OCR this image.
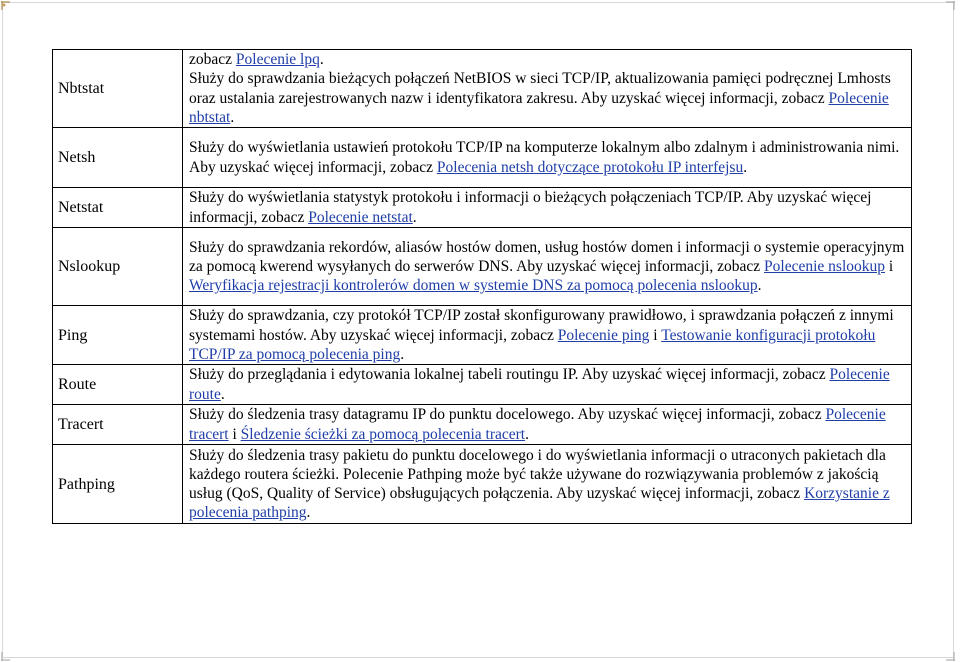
Nbtstat	zobacz Polecenie lpq.
Służy do sprawdzania bieżących połączeń NetBIOS w sieci TCP/IP, aktualizowania pamięci podręcznej Lmhosts oraz ustalania zarejestrowanych nazw i identyfikatora zakresu. Aby uzyskać więcej informacji, zobacz Polecenie nbtstat.
Netsh	Służy do wyświetlania ustawień protokołu TCP/IP na komputerze lokalnym albo zdalnym i administrowania nimi. Aby uzyskać więcej informacji, zobacz Polecenia netsh dotyczące protokołu IP interfejsu.
Netstat	Służy do wyświetlania statystyk protokołu i informacji o bieżących połączeniach TCP/IP. Aby uzyskać więcej informacji, zobacz Polecenie netstat.
Nslookup	Służy do sprawdzania rekordów, aliasów hostów domen, usług hostów domen i informacji o systemie operacyjnym za pomocą kwerend wysyłanych do serwerów DNS. Aby uzyskać więcej informacji, zobacz Polecenie nslookup i Weryfikacja rejestracji kontrolerów domen w systemie DNS za pomocą polecenia nslookup.
Ping	Służy do sprawdzania, czy protokół TCP/IP został skonfigurowany prawidłowo, i sprawdzania połączeń z innymi systemami hostów. Aby uzyskać więcej informacji, zobacz Polecenie ping i Testowanie konfiguracji protokołu TCP/IP za pomocą polecenia ping.
Route	Służy do przeglądania i edytowania lokalnej tabeli routingu IP. Aby uzyskać więcej informacji, zobacz Polecenie route.
Tracert	Służy do śledzenia trasy datagramu IP do punktu docelowego. Aby uzyskać więcej informacji, zobacz Polecenie tracert i Śledzenie ścieżki za pomocą polecenia tracert.
Pathping	Służy do śledzenia trasy pakietu do punktu docelowego i do wyświetlania informacji o utraconych pakietach dla każdego routera ścieżki. Polecenie Pathping może być także używane do rozwiązywania problemów z jakością usług (QoS, Quality of Service) obsługujących połączenia. Aby uzyskać więcej informacji, zobacz Korzystanie z polecenia pathping.
